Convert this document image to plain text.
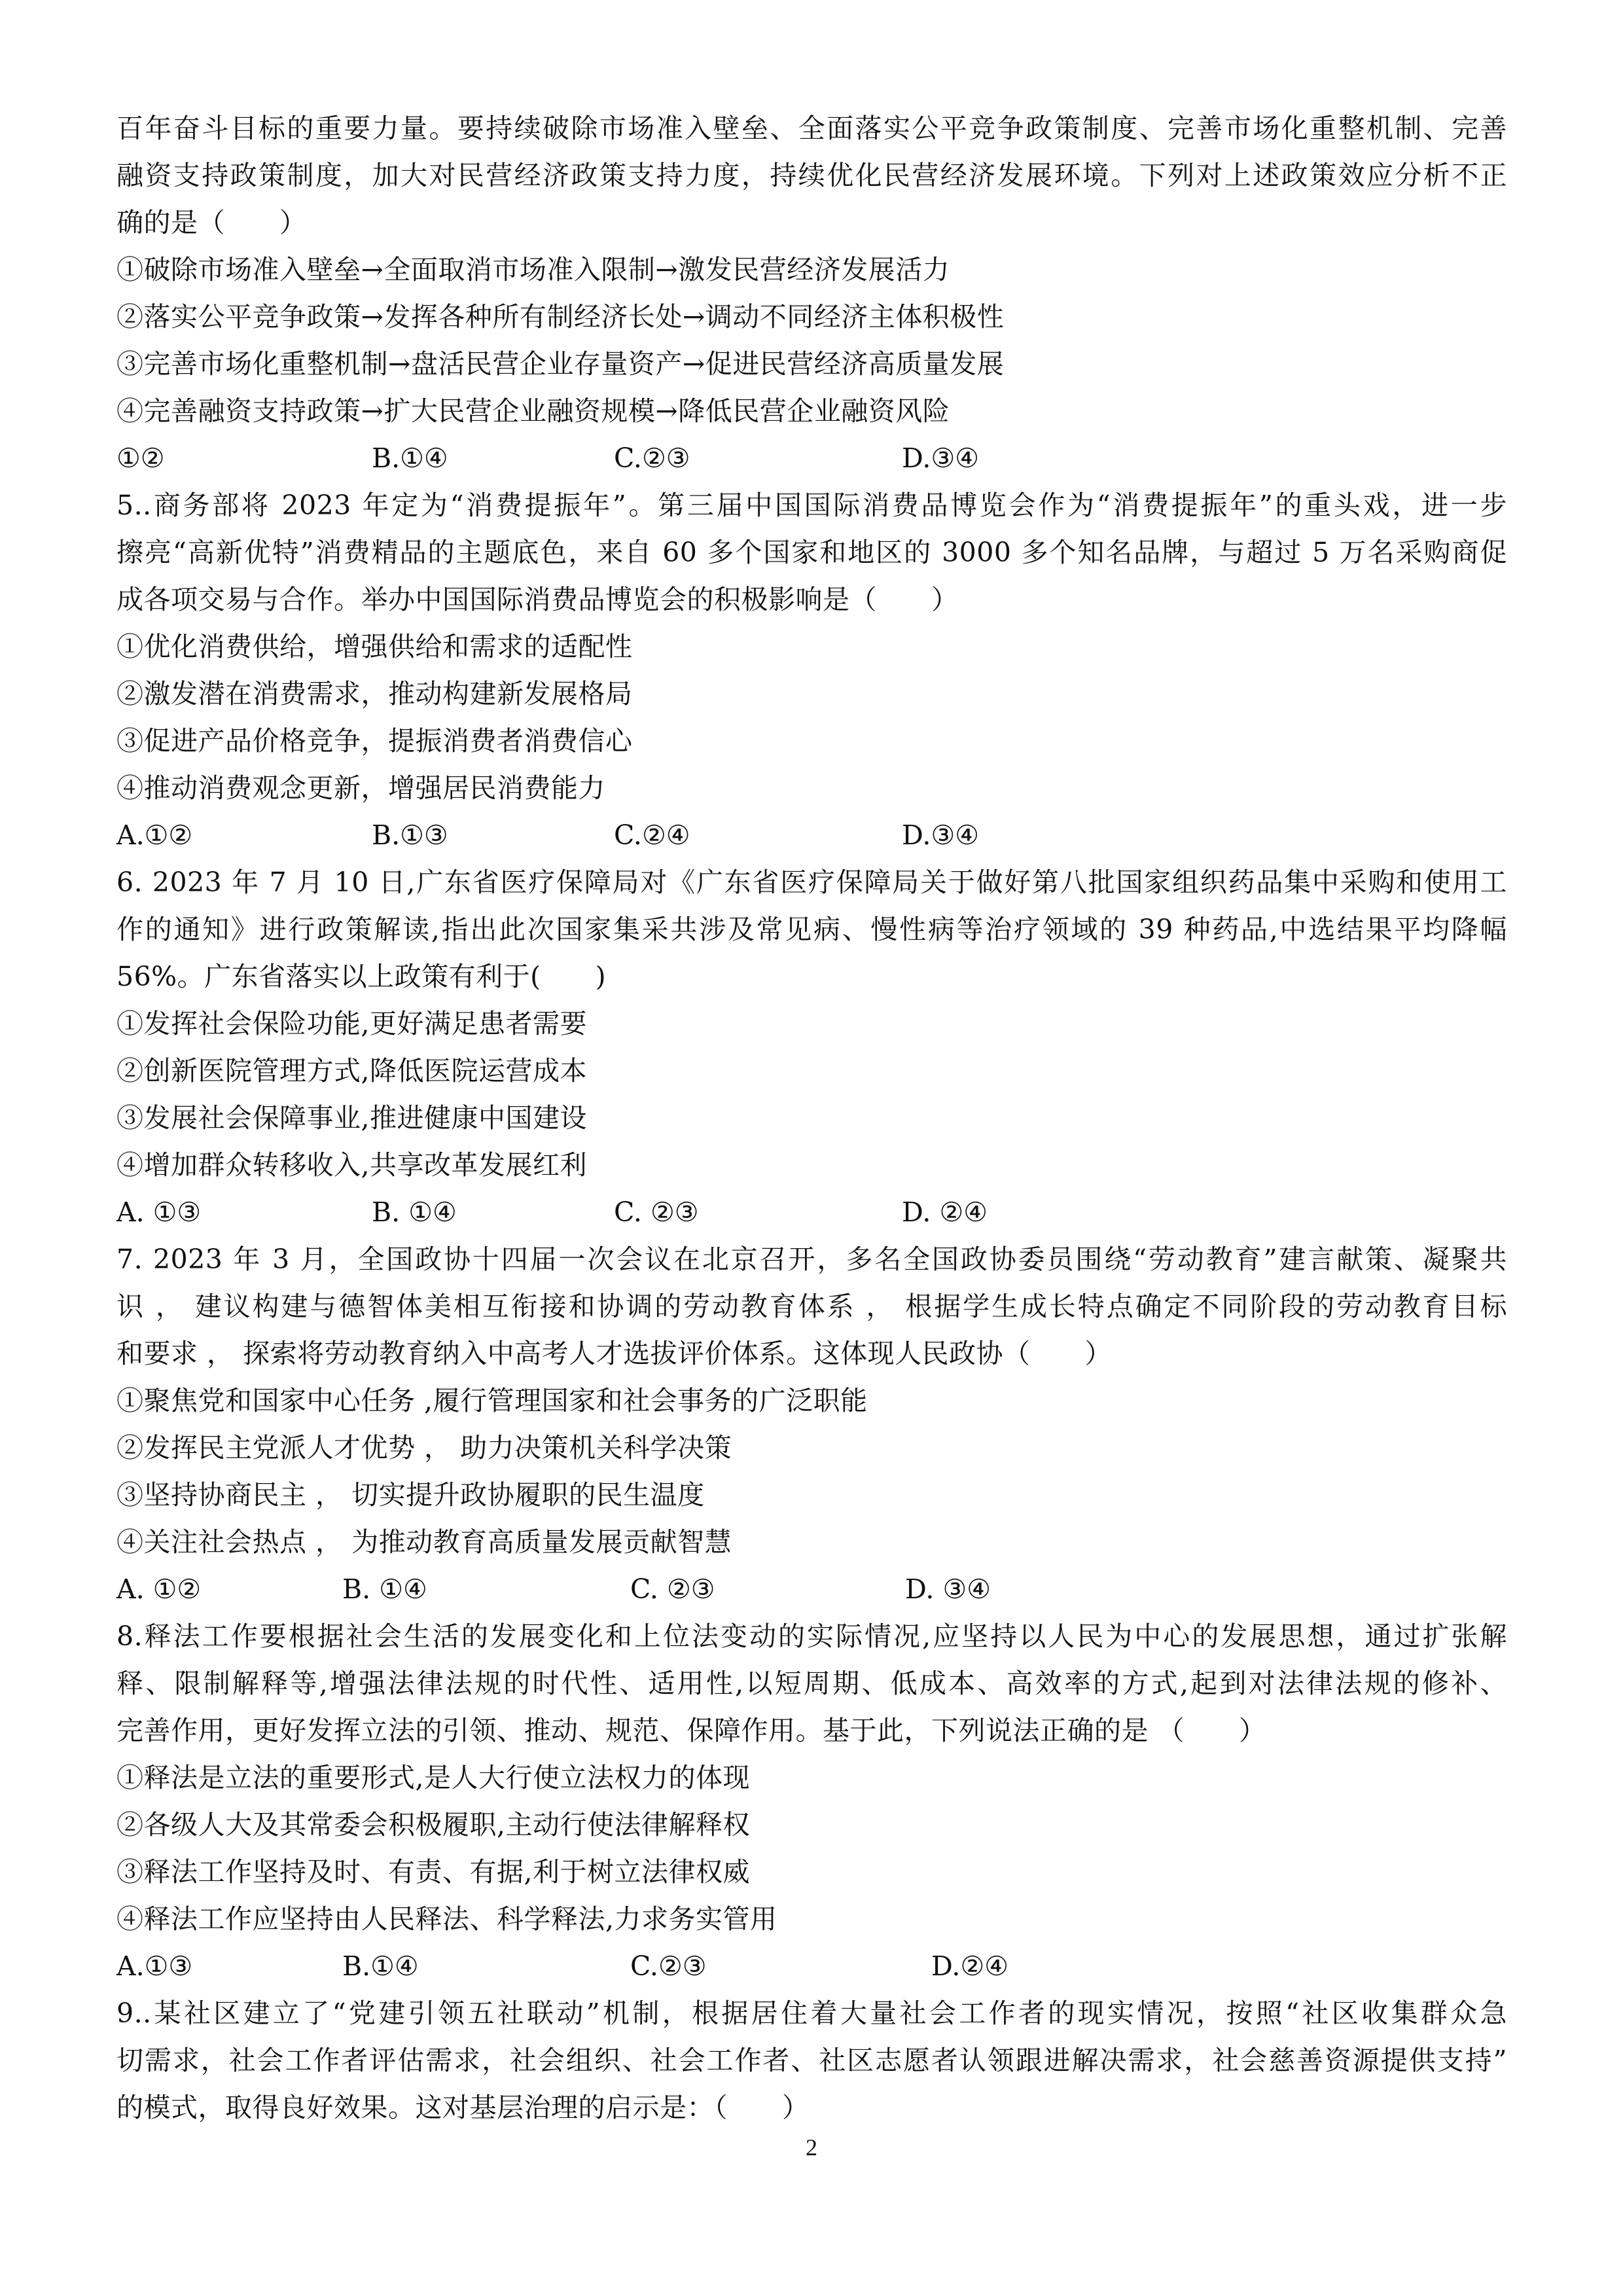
百年奋斗目标的重要力量。要持续破除市场准入壁垒、全面落实公平竞争政策制度、完善市场化重整机制、完善
融资支持政策制度，加大对民营经济政策支持力度，持续优化民营经济发展环境。下列对上述政策效应分析不正
确的是（　　）
①破除市场准入壁垒→全面取消市场准入限制→激发民营经济发展活力
②落实公平竞争政策→发挥各种所有制经济长处→调动不同经济主体积极性
③完善市场化重整机制→盘活民营企业存量资产→促进民营经济高质量发展
④完善融资支持政策→扩大民营企业融资规模→降低民营企业融资风险
①②	B.①④	C.②③	D.③④
5..商务部将 2023 年定为“消费提振年”。第三届中国国际消费品博览会作为“消费提振年”的重头戏，进一步
擦亮“高新优特”消费精品的主题底色，来自 60 多个国家和地区的 3000 多个知名品牌，与超过 5 万名采购商促
成各项交易与合作。举办中国国际消费品博览会的积极影响是（　　）
①优化消费供给，增强供给和需求的适配性
②激发潜在消费需求，推动构建新发展格局
③促进产品价格竞争，提振消费者消费信心
④推动消费观念更新，增强居民消费能力
A.①②	B.①③	C.②④	D.③④
6. 2023 年 7 月 10 日,广东省医疗保障局对《广东省医疗保障局关于做好第八批国家组织药品集中采购和使用工
作的通知》进行政策解读,指出此次国家集采共涉及常见病、慢性病等治疗领域的 39 种药品,中选结果平均降幅
56%。广东省落实以上政策有利于(　　)
①发挥社会保险功能,更好满足患者需要
②创新医院管理方式,降低医院运营成本
③发展社会保障事业,推进健康中国建设
④增加群众转移收入,共享改革发展红利
A. ①③	B. ①④	C. ②③	D. ②④
7. 2023 年 3 月，全国政协十四届一次会议在北京召开，多名全国政协委员围绕“劳动教育”建言献策、凝聚共
识 ， 建议构建与德智体美相互衔接和协调的劳动教育体系 ， 根据学生成长特点确定不同阶段的劳动教育目标
和要求 ， 探索将劳动教育纳入中高考人才选拔评价体系。这体现人民政协（　　）
①聚焦党和国家中心任务 ,履行管理国家和社会事务的广泛职能
②发挥民主党派人才优势 ， 助力决策机关科学决策
③坚持协商民主 ， 切实提升政协履职的民生温度
④关注社会热点 ， 为推动教育高质量发展贡献智慧
A. ①②	B. ①④	C. ②③	D. ③④
8.释法工作要根据社会生活的发展变化和上位法变动的实际情况,应坚持以人民为中心的发展思想，通过扩张解
释、限制解释等,增强法律法规的时代性、适用性,以短周期、低成本、高效率的方式,起到对法律法规的修补、
完善作用，更好发挥立法的引领、推动、规范、保障作用。基于此，下列说法正确的是 （　　）
①释法是立法的重要形式,是人大行使立法权力的体现
②各级人大及其常委会积极履职,主动行使法律解释权
③释法工作坚持及时、有责、有据,利于树立法律权威
④释法工作应坚持由人民释法、科学释法,力求务实管用
A.①③	B.①④	C.②③	D.②④
9..某社区建立了“党建引领五社联动”机制，根据居住着大量社会工作者的现实情况，按照“社区收集群众急
切需求，社会工作者评估需求，社会组织、社会工作者、社区志愿者认领跟进解决需求，社会慈善资源提供支持”
的模式，取得良好效果。这对基层治理的启示是：（　　）
2
